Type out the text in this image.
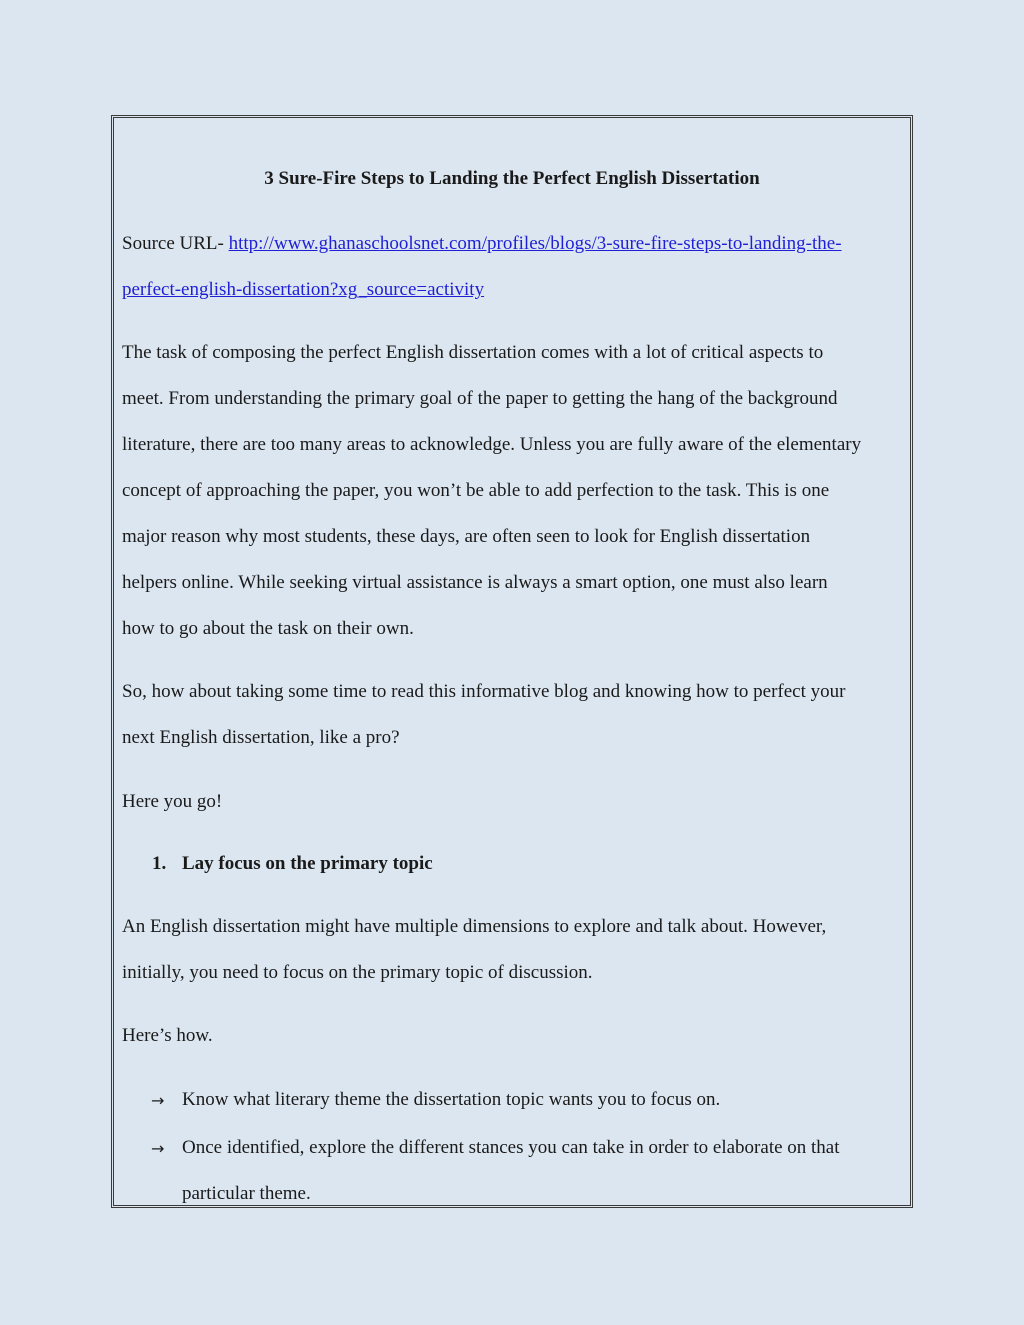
3 Sure-Fire Steps to Landing the Perfect English Dissertation
Source URL- http://www.ghanaschoolsnet.com/profiles/blogs/3-sure-fire-steps-to-landing-the-
perfect-english-dissertation?xg_source=activity
The task of composing the perfect English dissertation comes with a lot of critical aspects to
meet. From understanding the primary goal of the paper to getting the hang of the background
literature, there are too many areas to acknowledge. Unless you are fully aware of the elementary
concept of approaching the paper, you won’t be able to add perfection to the task. This is one
major reason why most students, these days, are often seen to look for English dissertation
helpers online. While seeking virtual assistance is always a smart option, one must also learn
how to go about the task on their own.
So, how about taking some time to read this informative blog and knowing how to perfect your
next English dissertation, like a pro?
Here you go!
1. Lay focus on the primary topic
An English dissertation might have multiple dimensions to explore and talk about. However,
initially, you need to focus on the primary topic of discussion.
Here’s how.
→ Know what literary theme the dissertation topic wants you to focus on.
→ Once identified, explore the different stances you can take in order to elaborate on that
particular theme.
